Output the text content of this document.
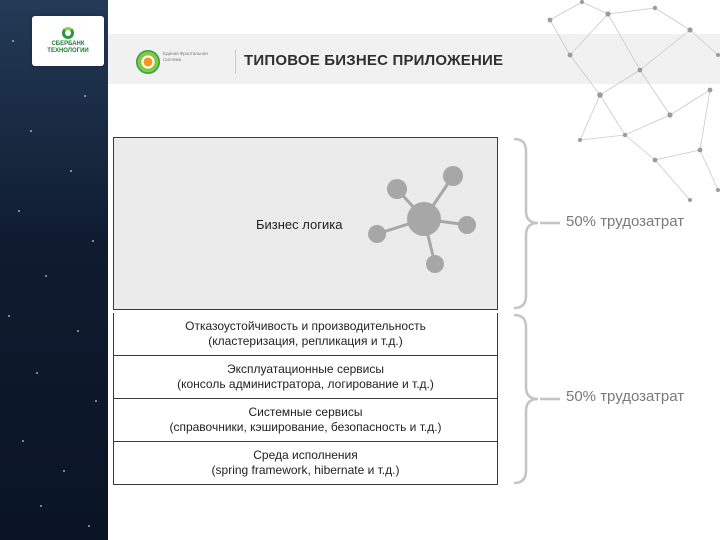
СБЕРБАНК ТЕХНОЛОГИИ	Единая Фронтальная Система	ТИПОВОЕ БИЗНЕС ПРИЛОЖЕНИЕ
Бизнес логика
Отказоустойчивость и производительность
(кластеризация, репликация и т.д.)
Эксплуатационные сервисы
(консоль администратора, логирование и т.д.)
Системные сервисы
(справочники, кэширование, безопасность и т.д.)
Среда исполнения
(spring framework, hibernate и т.д.)
50% трудозатрат
50% трудозатрат
